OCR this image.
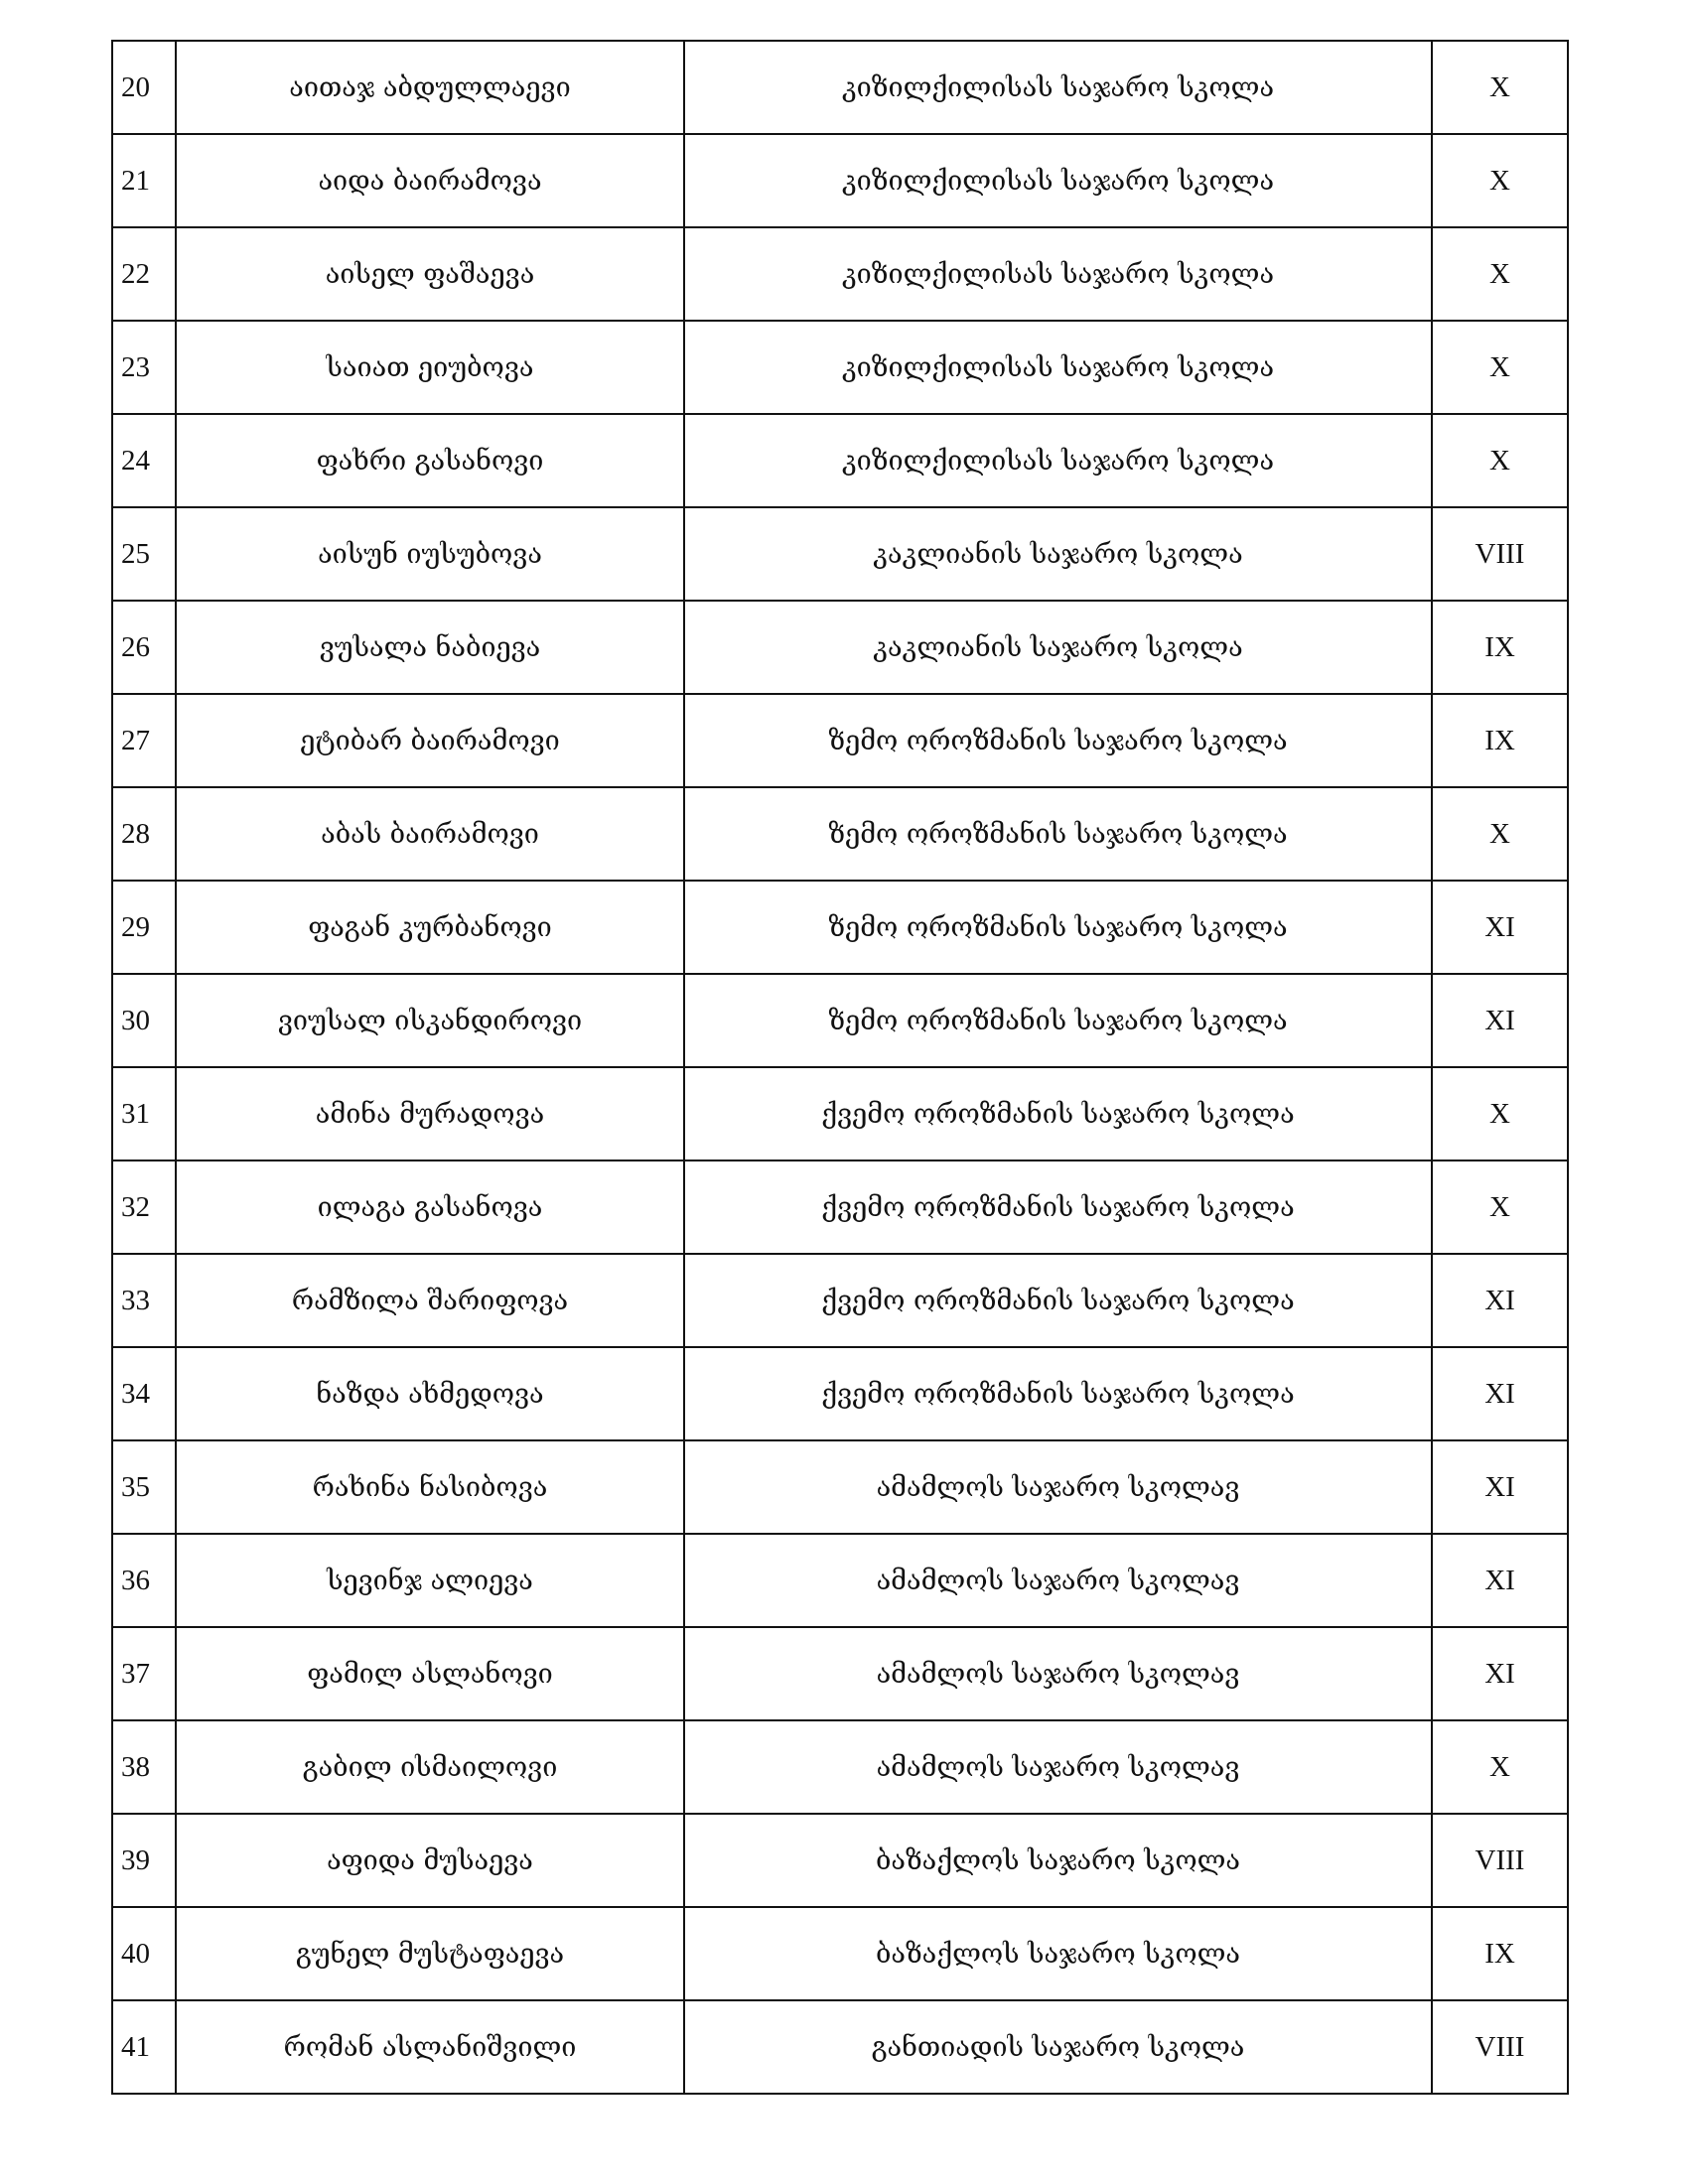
20	აითაჯ აბდულლაევი	კიზილქილისას საჯარო სკოლა	X
21	აიდა ბაირამოვა	კიზილქილისას საჯარო სკოლა	X
22	აისელ ფაშაევა	კიზილქილისას საჯარო სკოლა	X
23	საიათ ეიუბოვა	კიზილქილისას საჯარო სკოლა	X
24	ფახრი გასანოვი	კიზილქილისას საჯარო სკოლა	X
25	აისუნ იუსუბოვა	კაკლიანის საჯარო სკოლა	VIII
26	ვუსალა ნაბიევა	კაკლიანის საჯარო სკოლა	IX
27	ეტიბარ ბაირამოვი	ზემო ოროზმანის საჯარო სკოლა	IX
28	აბას ბაირამოვი	ზემო ოროზმანის საჯარო სკოლა	X
29	ფაგან კურბანოვი	ზემო ოროზმანის საჯარო სკოლა	XI
30	ვიუსალ ისკანდიროვი	ზემო ოროზმანის საჯარო სკოლა	XI
31	ამინა მურადოვა	ქვემო ოროზმანის საჯარო სკოლა	X
32	ილაგა გასანოვა	ქვემო ოროზმანის საჯარო სკოლა	X
33	რამზილა შარიფოვა	ქვემო ოროზმანის საჯარო სკოლა	XI
34	ნაზდა ახმედოვა	ქვემო ოროზმანის საჯარო სკოლა	XI
35	რახინა ნასიბოვა	ამამლოს საჯარო სკოლავ	XI
36	სევინჯ ალიევა	ამამლოს საჯარო სკოლავ	XI
37	ფამილ ასლანოვი	ამამლოს საჯარო სკოლავ	XI
38	გაბილ ისმაილოვი	ამამლოს საჯარო სკოლავ	X
39	აფიდა მუსაევა	ბაზაქლოს საჯარო სკოლა	VIII
40	გუნელ მუსტაფაევა	ბაზაქლოს საჯარო სკოლა	IX
41	რომან ასლანიშვილი	განთიადის საჯარო სკოლა	VIII
